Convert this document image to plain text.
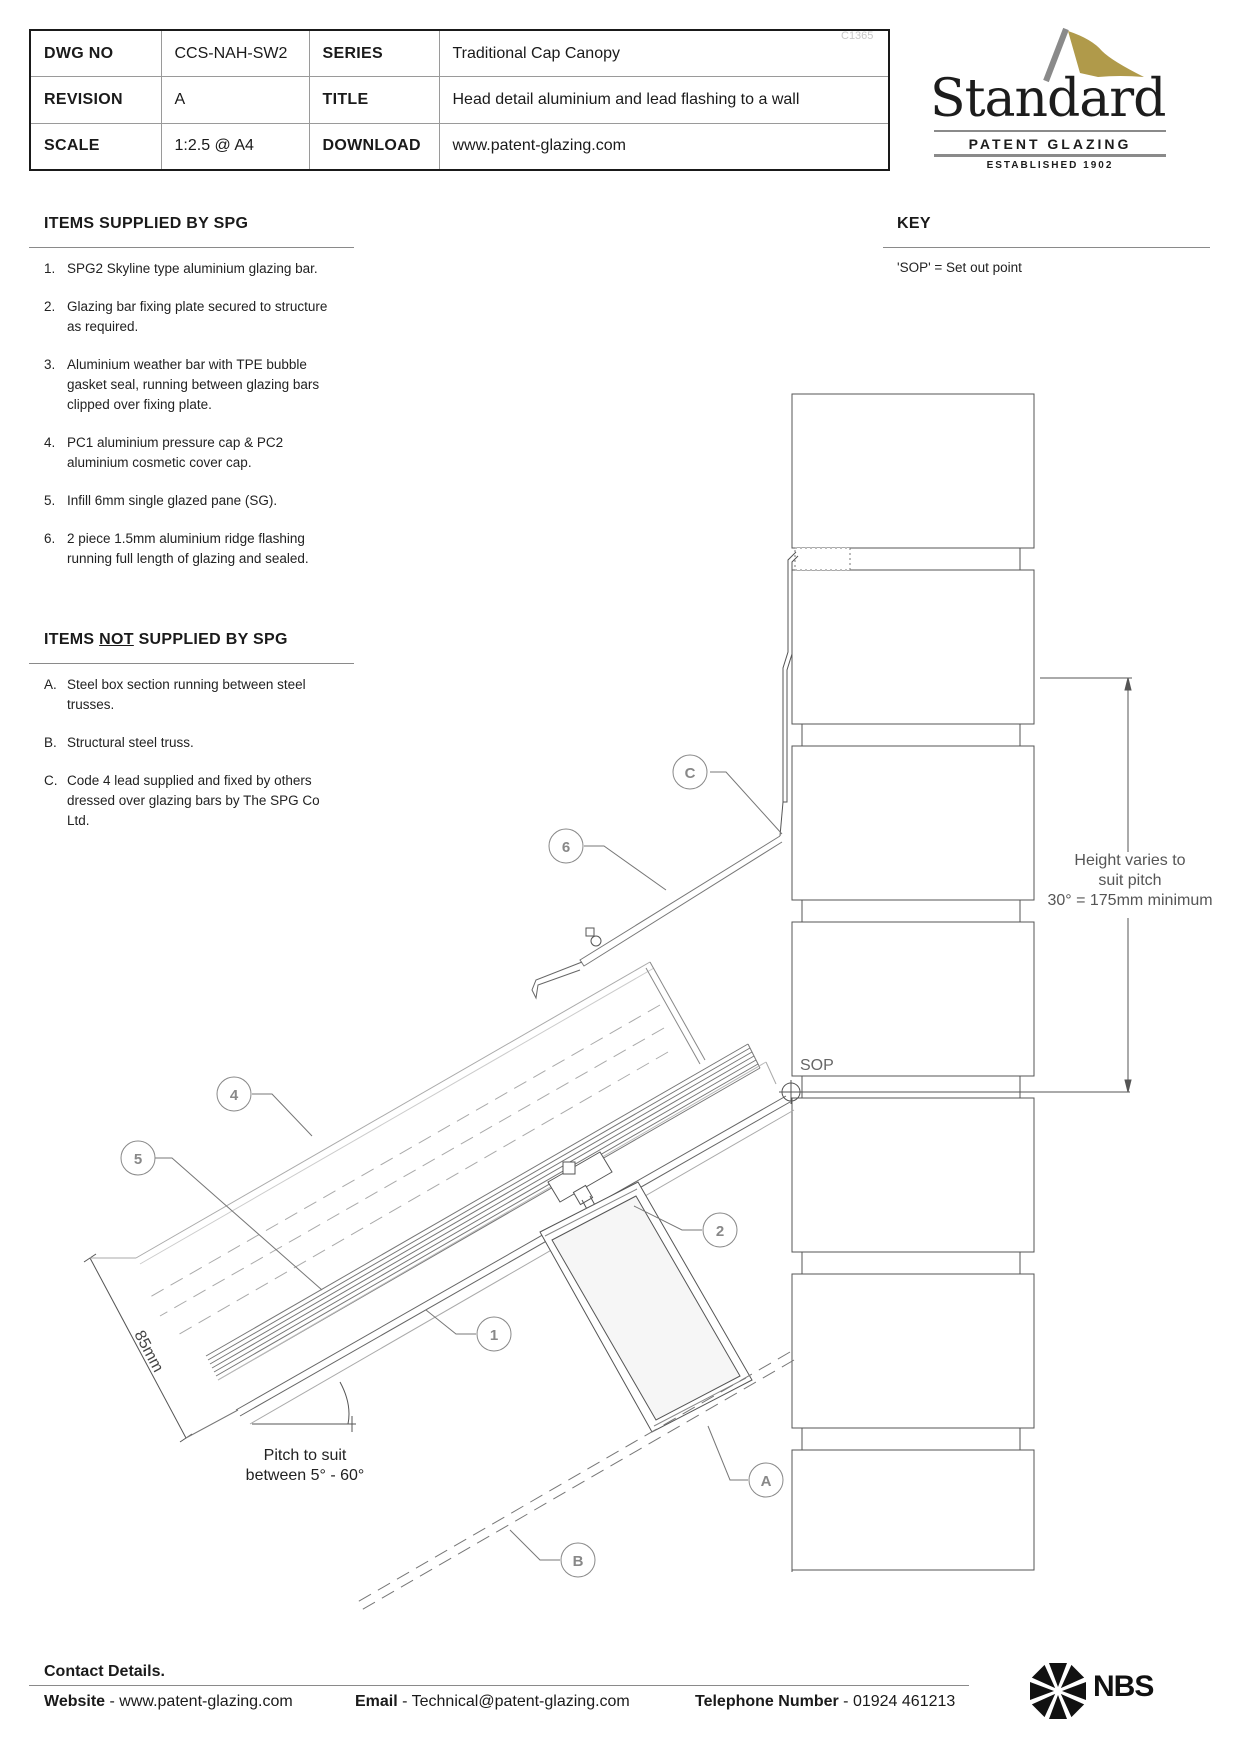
DWG NO	CCS-NAH-SW2	SERIES	Traditional Cap Canopy
REVISION	A	TITLE	Head detail aluminium and lead flashing to a wall
SCALE	1:2.5 @ A4	DOWNLOAD	www.patent-glazing.com
C1365
Standard
PATENT GLAZING
ESTABLISHED 1902
ITEMS SUPPLIED BY SPG
1. SPG2 Skyline type aluminium glazing bar.
2. Glazing bar fixing plate secured to structure as required.
3. Aluminium weather bar with TPE bubble gasket seal, running between glazing bars clipped over fixing plate.
4. PC1 aluminium pressure cap & PC2 aluminium cosmetic cover cap.
5. Infill 6mm single glazed pane (SG).
6. 2 piece 1.5mm aluminium ridge flashing running full length of glazing and sealed.
ITEMS NOT SUPPLIED BY SPG
A. Steel box section running between steel trusses.
B. Structural steel truss.
C. Code 4 lead supplied and fixed by others dressed over glazing bars by The SPG Co Ltd.
KEY
'SOP' = Set out point
SOP
85mm
C
6
4
5
1
2
A
B
Height varies to
suit pitch
30° = 175mm minimum
Pitch to suit
between 5° - 60°
Contact Details.
Website - www.patent-glazing.com	Email - Technical@patent-glazing.com	Telephone Number - 01924 461213	NBS
